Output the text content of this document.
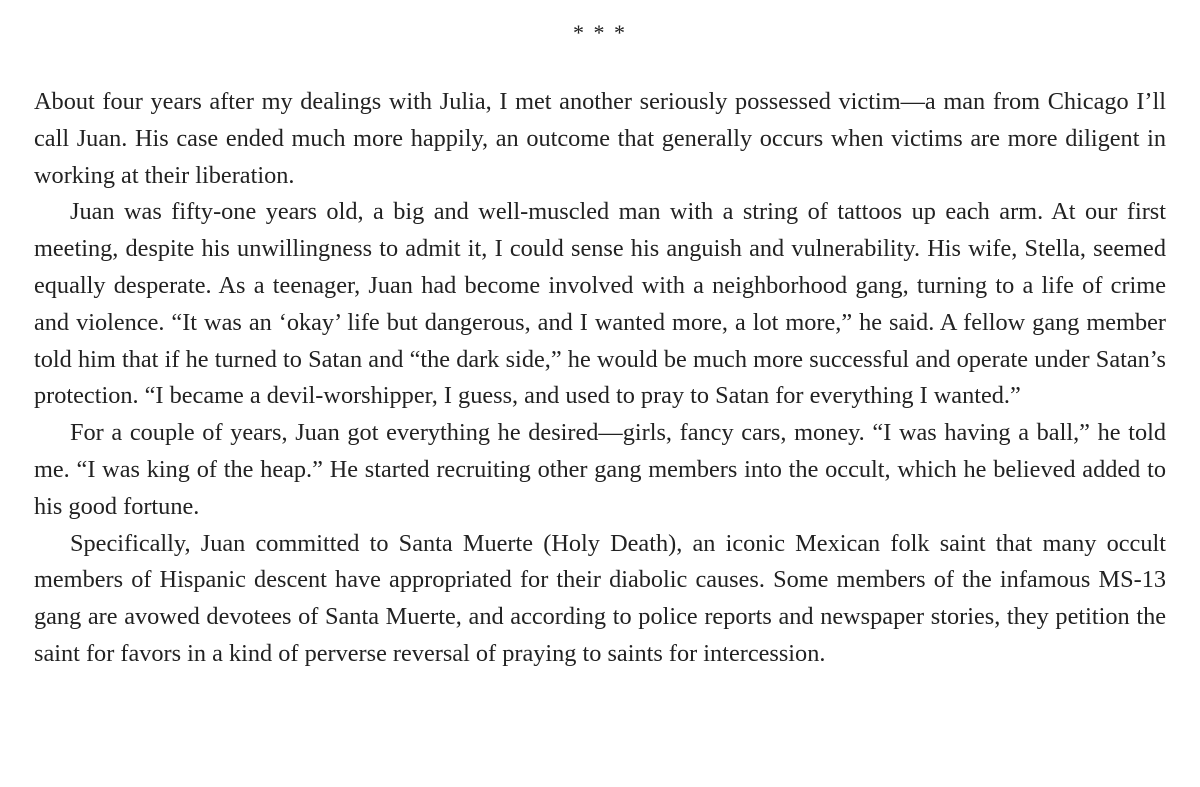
* * *

About four years after my dealings with Julia, I met another seriously possessed victim—a man from Chicago I’ll call Juan. His case ended much more happily, an outcome that generally occurs when victims are more diligent in working at their liberation.

Juan was fifty-one years old, a big and well-muscled man with a string of tattoos up each arm. At our first meeting, despite his unwillingness to admit it, I could sense his anguish and vulnerability. His wife, Stella, seemed equally desperate. As a teenager, Juan had become involved with a neighborhood gang, turning to a life of crime and violence. “It was an ‘okay’ life but dangerous, and I wanted more, a lot more,” he said. A fellow gang member told him that if he turned to Satan and “the dark side,” he would be much more successful and operate under Satan’s protection. “I became a devil-worshipper, I guess, and used to pray to Satan for everything I wanted.”

For a couple of years, Juan got everything he desired—girls, fancy cars, money. “I was having a ball,” he told me. “I was king of the heap.” He started recruiting other gang members into the occult, which he believed added to his good fortune.

Specifically, Juan committed to Santa Muerte (Holy Death), an iconic Mexican folk saint that many occult members of Hispanic descent have appropriated for their diabolic causes. Some members of the infamous MS-13 gang are avowed devotees of Santa Muerte, and according to police reports and newspaper stories, they petition the saint for favors in a kind of perverse reversal of praying to saints for intercession.
